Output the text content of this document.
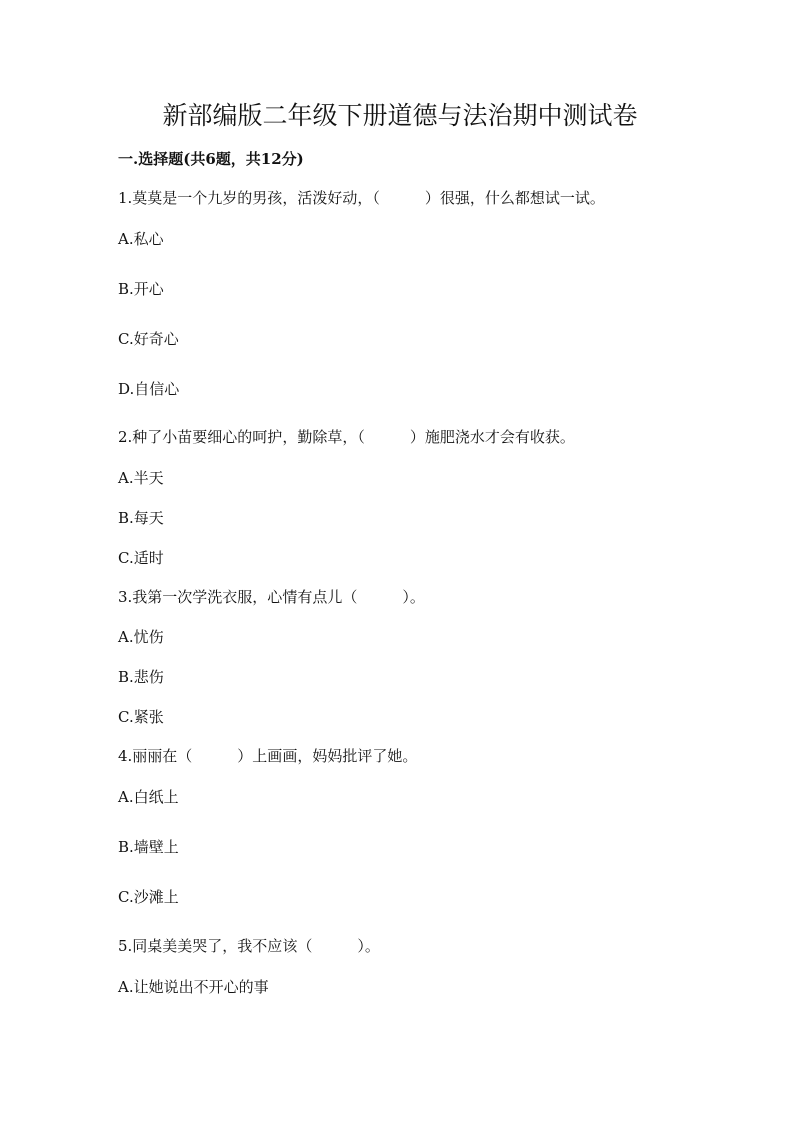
新部编版二年级下册道德与法治期中测试卷
一.选择题(共6题，共12分)
1.莫莫是一个九岁的男孩，活泼好动，（　　　）很强，什么都想试一试。
A.私心
B.开心
C.好奇心
D.自信心
2.种了小苗要细心的呵护，勤除草，（　　　）施肥浇水才会有收获。
A.半天
B.每天
C.适时
3.我第一次学洗衣服，心情有点儿（　　　）。
A.忧伤
B.悲伤
C.紧张
4.丽丽在（　　　）上画画，妈妈批评了她。
A.白纸上
B.墙壁上
C.沙滩上
5.同桌美美哭了，我不应该（　　　）。
A.让她说出不开心的事
